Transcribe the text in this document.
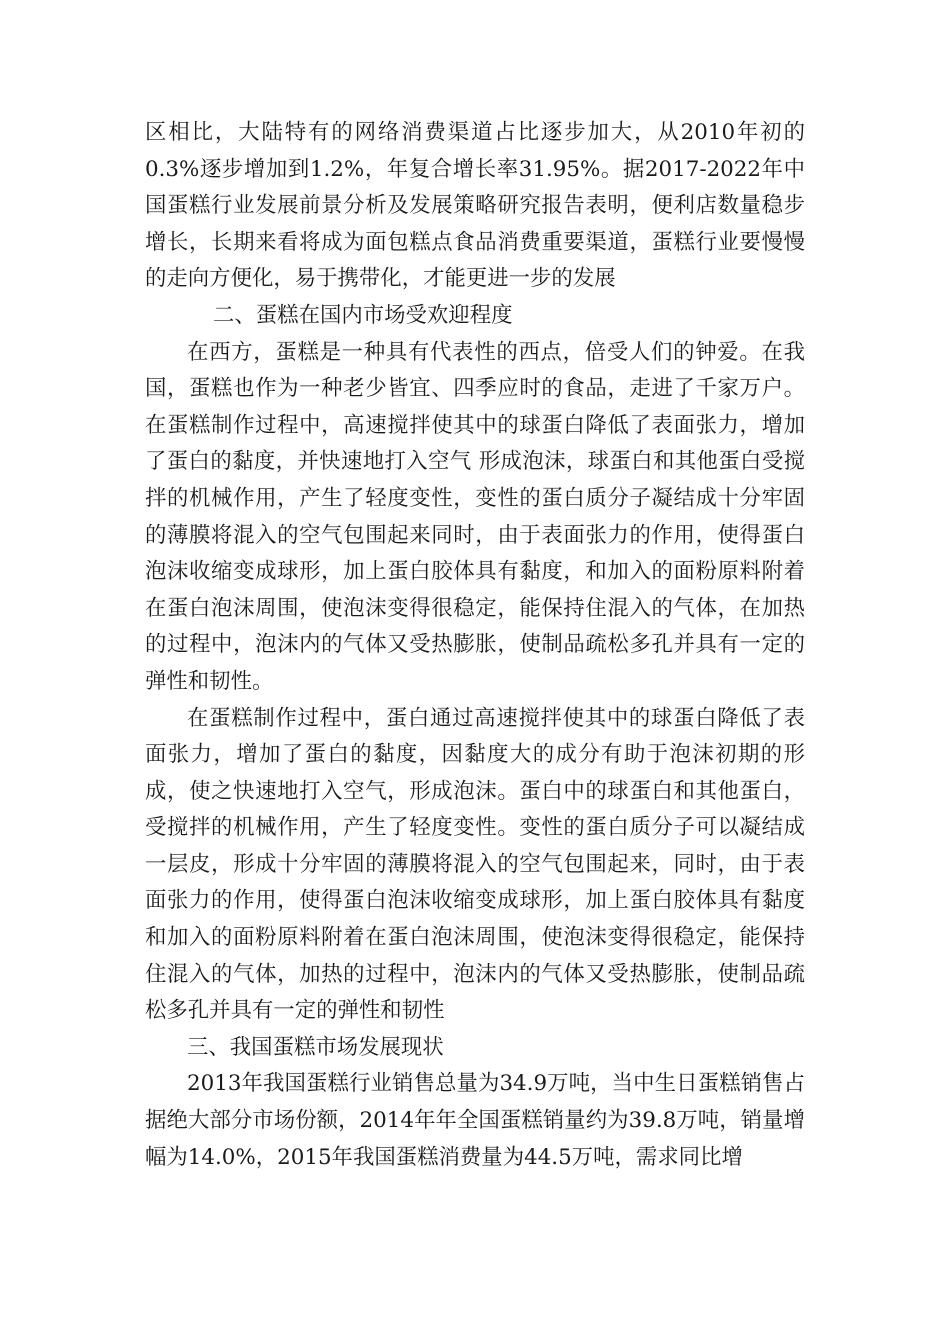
区相比，大陆特有的网络消费渠道占比逐步加大，从2010年初的0.3%逐步增加到1.2%，年复合增长率31.95%。据2017-2022年中国蛋糕行业发展前景分析及发展策略研究报告表明，便利店数量稳步增长，长期来看将成为面包糕点食品消费重要渠道，蛋糕行业要慢慢的走向方便化，易于携带化，才能更进一步的发展

二、蛋糕在国内市场受欢迎程度

在西方，蛋糕是一种具有代表性的西点，倍受人们的钟爱。在我国，蛋糕也作为一种老少皆宜、四季应时的食品，走进了千家万户。在蛋糕制作过程中，高速搅拌使其中的球蛋白降低了表面张力，增加了蛋白的黏度，并快速地打入空气 形成泡沫，球蛋白和其他蛋白受搅拌的机械作用，产生了轻度变性，变性的蛋白质分子凝结成十分牢固的薄膜将混入的空气包围起来同时，由于表面张力的作用，使得蛋白泡沫收缩变成球形，加上蛋白胶体具有黏度，和加入的面粉原料附着在蛋白泡沫周围，使泡沫变得很稳定，能保持住混入的气体，在加热的过程中，泡沫内的气体又受热膨胀，使制品疏松多孔并具有一定的弹性和韧性。

在蛋糕制作过程中，蛋白通过高速搅拌使其中的球蛋白降低了表面张力，增加了蛋白的黏度，因黏度大的成分有助于泡沫初期的形成，使之快速地打入空气，形成泡沫。蛋白中的球蛋白和其他蛋白，受搅拌的机械作用，产生了轻度变性。变性的蛋白质分子可以凝结成一层皮，形成十分牢固的薄膜将混入的空气包围起来，同时，由于表面张力的作用，使得蛋白泡沫收缩变成球形，加上蛋白胶体具有黏度和加入的面粉原料附着在蛋白泡沫周围，使泡沫变得很稳定，能保持住混入的气体，加热的过程中，泡沫内的气体又受热膨胀，使制品疏松多孔并具有一定的弹性和韧性

三、我国蛋糕市场发展现状

2013年我国蛋糕行业销售总量为34.9万吨，当中生日蛋糕销售占据绝大部分市场份额，2014年年全国蛋糕销量约为39.8万吨，销量增幅为14.0%，2015年我国蛋糕消费量为44.5万吨，需求同比增
